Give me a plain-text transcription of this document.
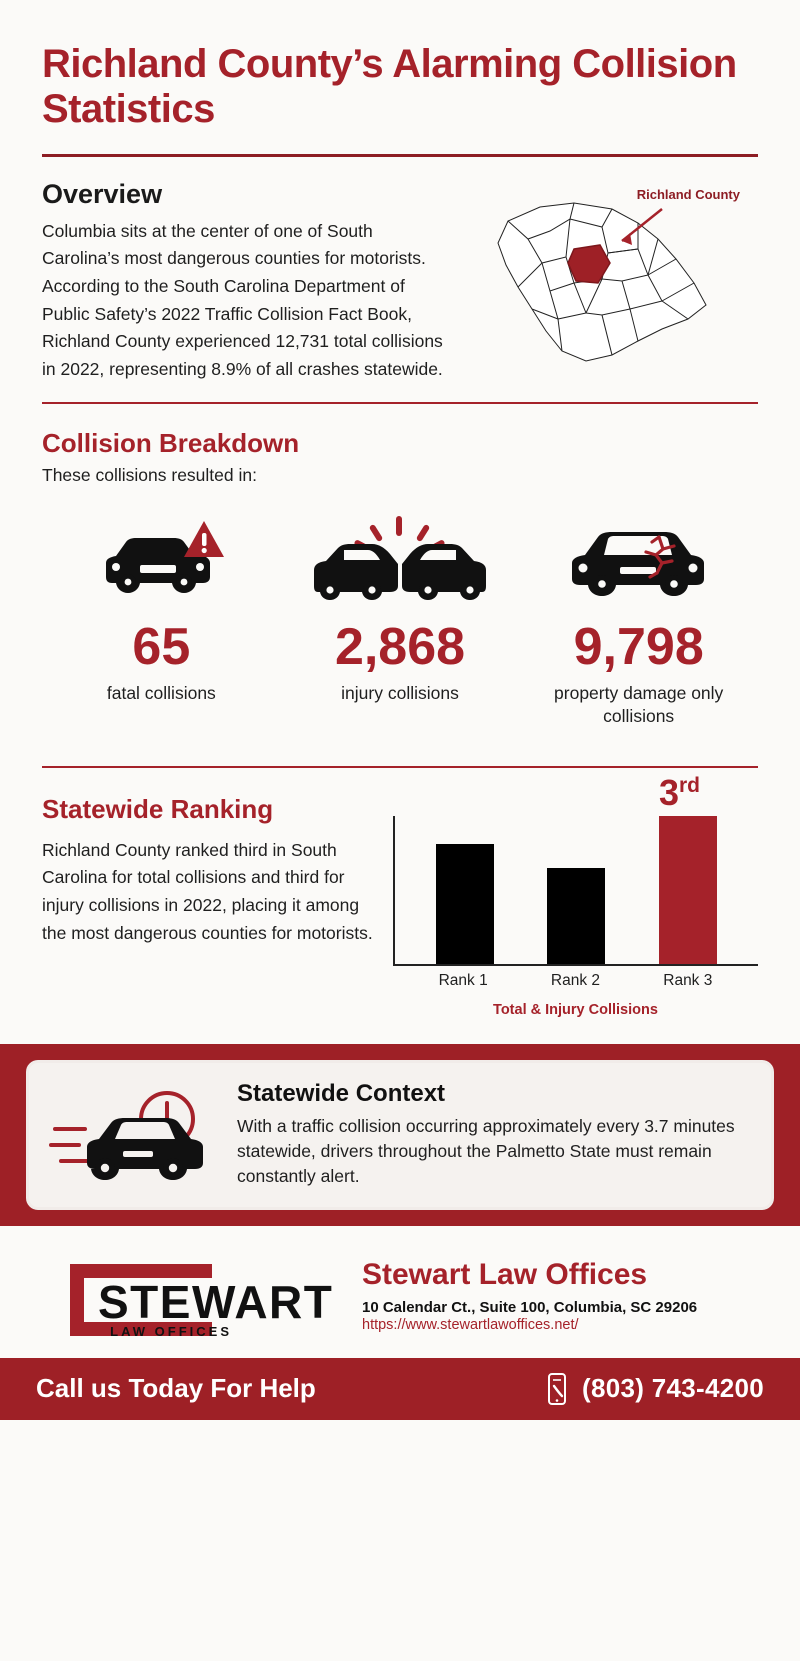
Richland County’s Alarming Collision Statistics
Overview
Columbia sits at the center of one of South Carolina’s most dangerous counties for motorists. According to the South Carolina Department of Public Safety’s 2022 Traffic Collision Fact Book, Richland County experienced 12,731 total collisions in 2022, representing 8.9% of all crashes statewide.
Richland County
Collision Breakdown
These collisions resulted in:
65
fatal collisions
2,868
injury collisions
9,798
property damage only collisions
Statewide Ranking
Richland County ranked third in South Carolina for total collisions and third for injury collisions in 2022, placing it among the most dangerous counties for motorists.
3rd
Rank 1	Rank 2	Rank 3
Total & Injury Collisions
Statewide Context
With a traffic collision occurring approximately every 3.7 minutes statewide, drivers throughout the Palmetto State must remain constantly alert.
STEWART
LAW OFFICES
Stewart Law Offices
10 Calendar Ct., Suite 100, Columbia, SC 29206
https://www.stewartlawoffices.net/
Call us Today For Help	(803) 743-4200
